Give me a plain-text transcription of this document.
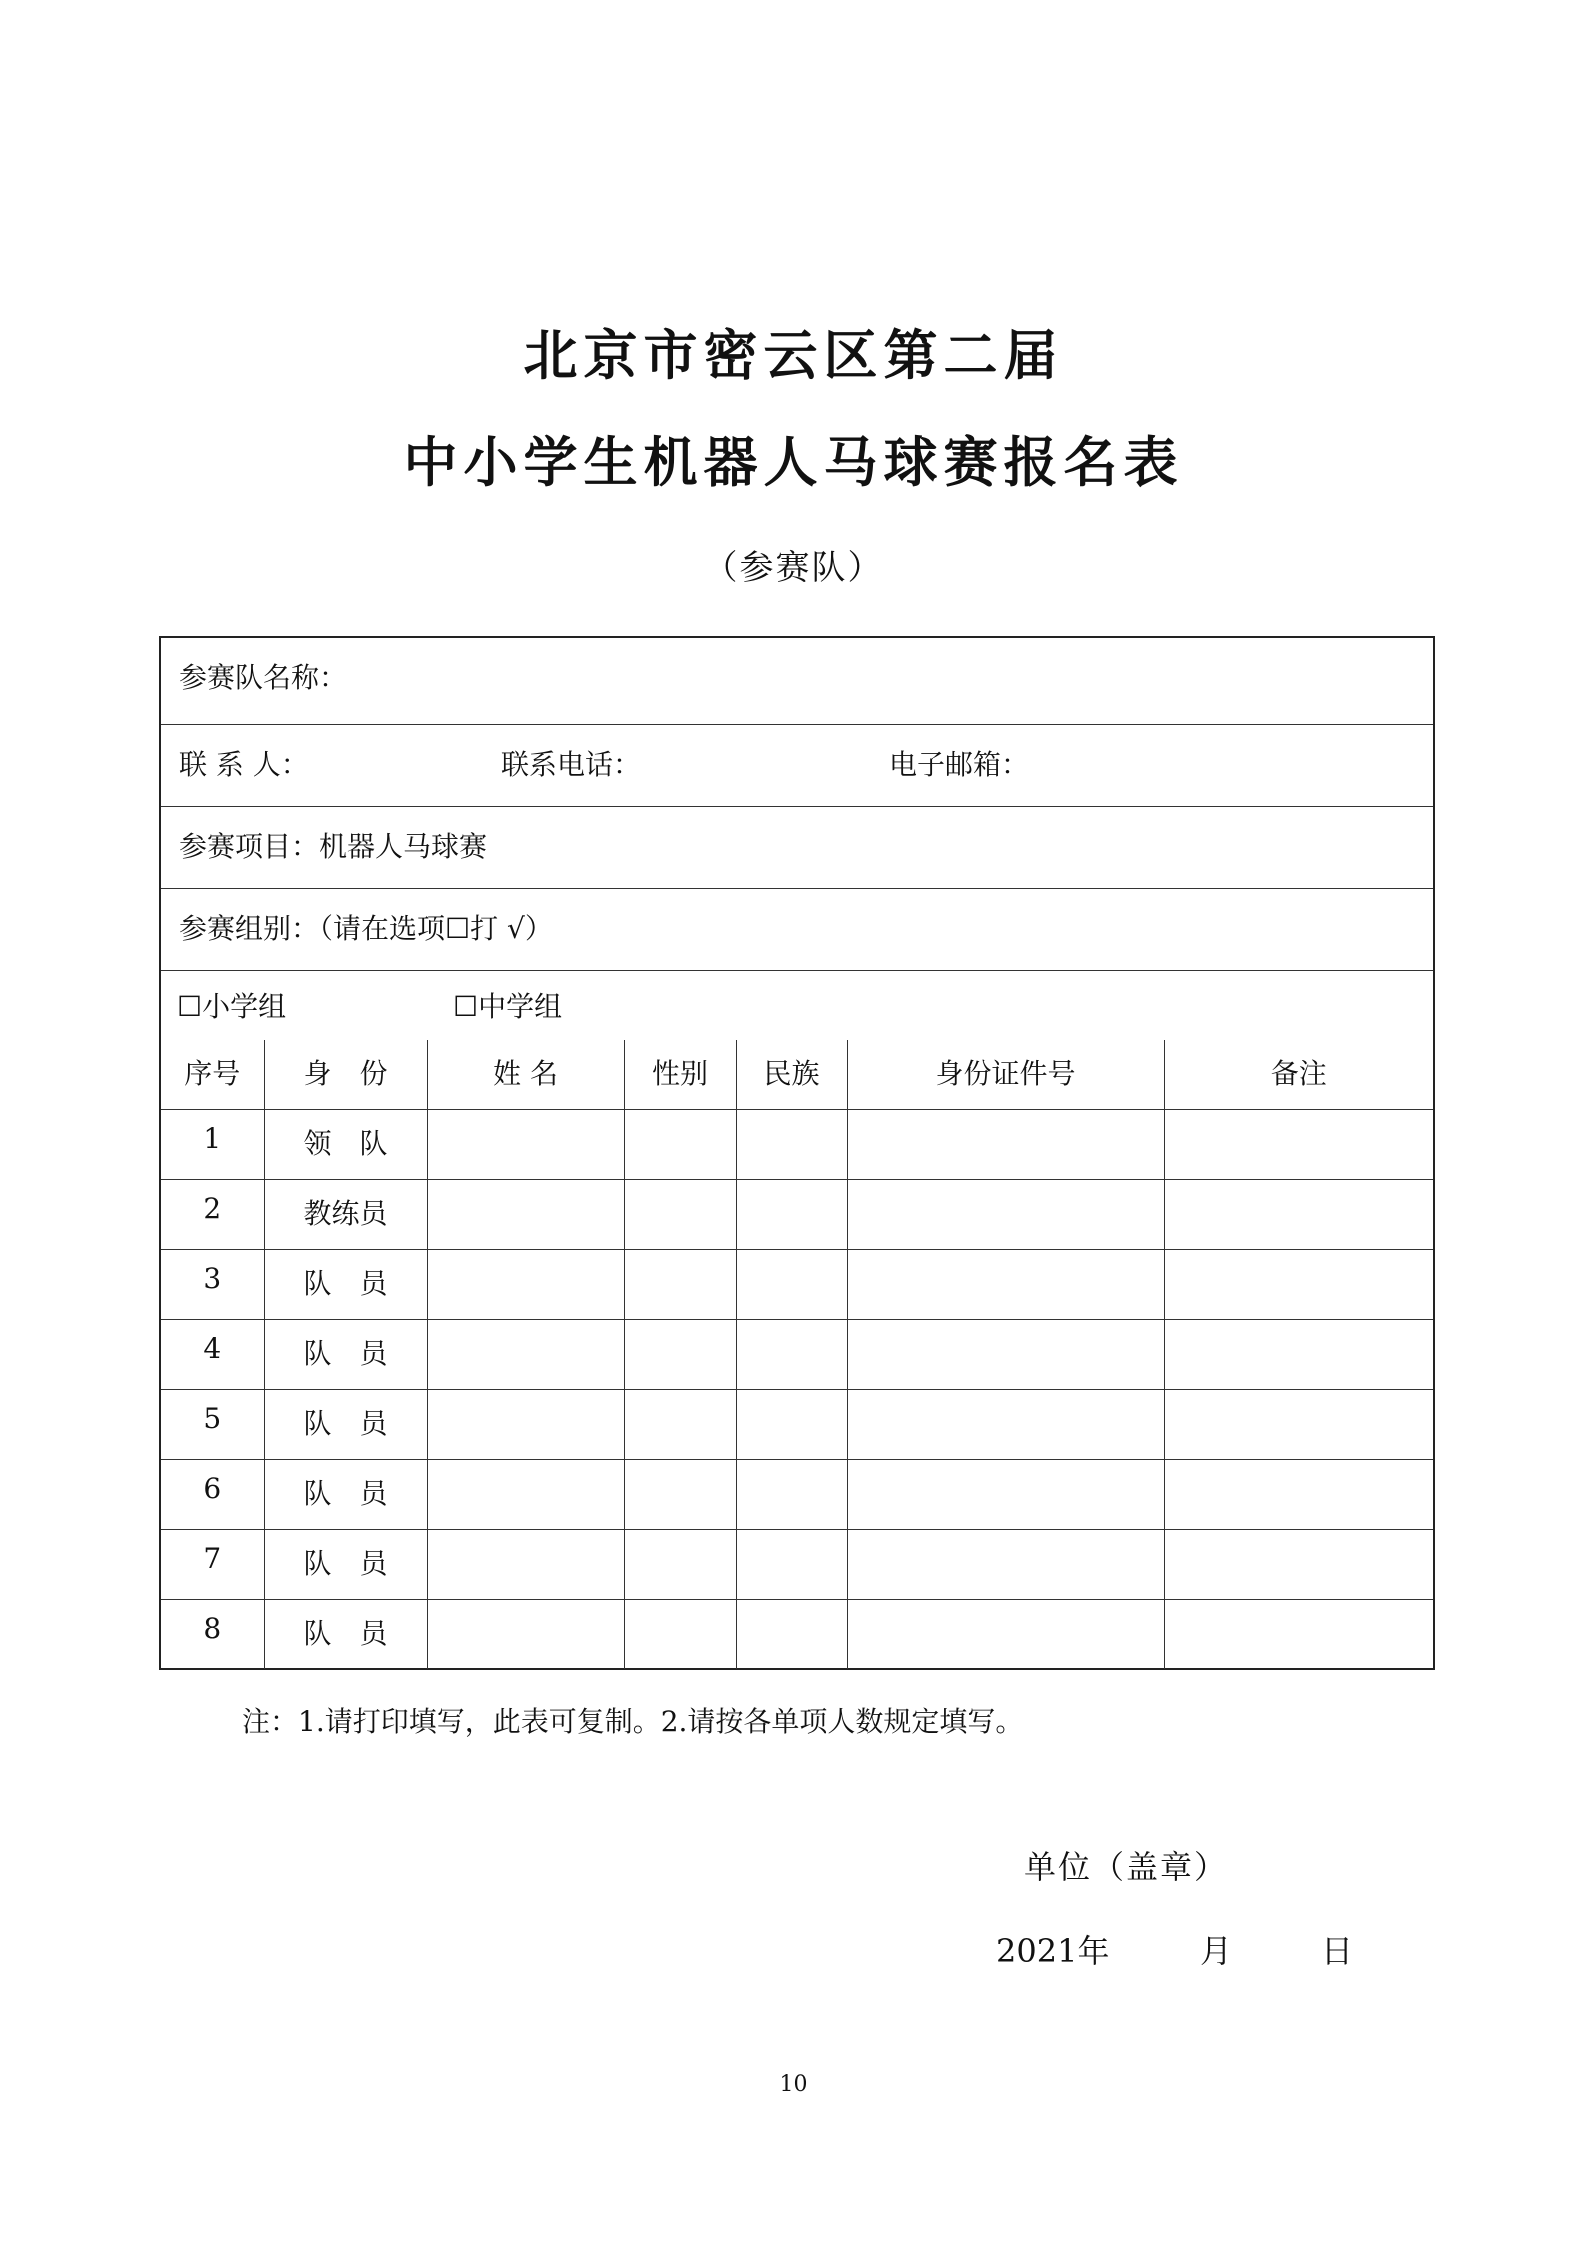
北京市密云区第二届
中小学生机器人马球赛报名表
（参赛队）
参赛队名称：
联 系 人：	联系电话：	电子邮箱：
参赛项目：机器人马球赛
参赛组别：（请在选项☐打 √）
☐小学组	☐中学组
序号	身　份	姓 名	性别	民族	身份证件号	备注

1	领　队					

2	教练员					

3	队　员					

4	队　员					

5	队　员					

6	队　员					

7	队　员					

8	队　员					

注：1.请打印填写，此表可复制。2.请按各单项人数规定填写。
单位（盖章）
2021年	月	日
10
